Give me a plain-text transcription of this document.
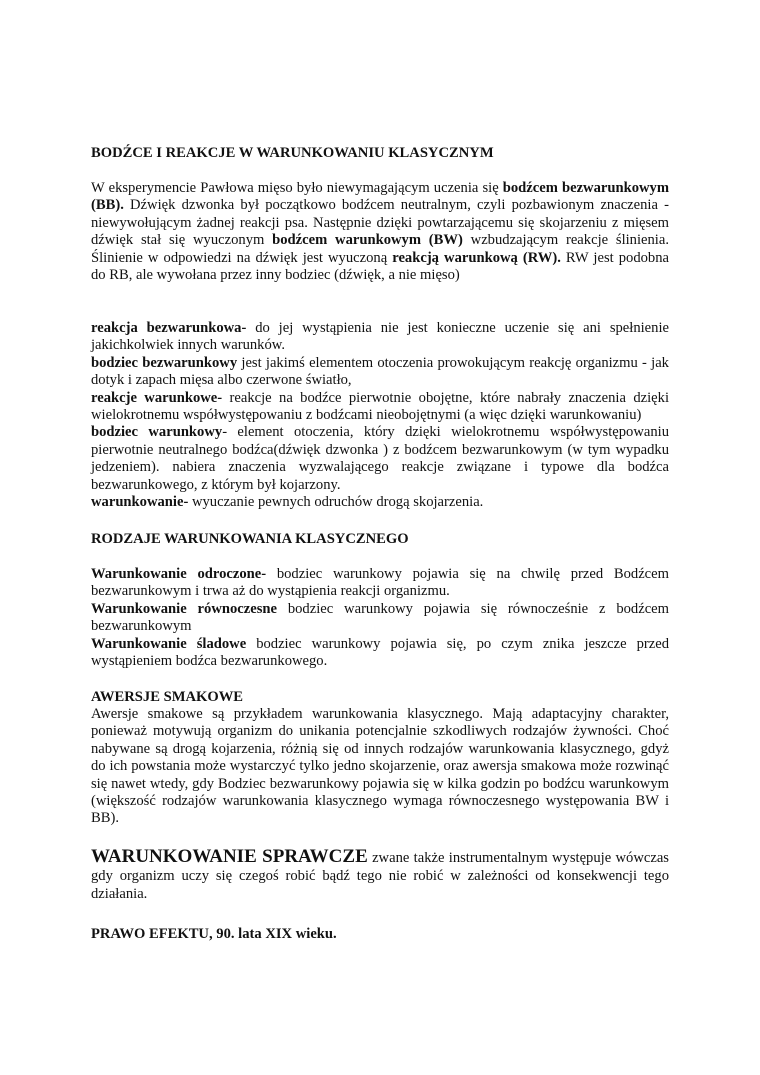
BODŹCE I REAKCJE W WARUNKOWANIU KLASYCZNYM

W eksperymencie Pawłowa mięso było niewymagającym uczenia się bodźcem bezwarunkowym (BB). Dźwięk dzwonka był początkowo bodźcem neutralnym, czyli pozbawionym znaczenia - niewywołującym żadnej reakcji psa. Następnie dzięki powtarzającemu się skojarzeniu z mięsem dźwięk stał się wyuczonym bodźcem warunkowym (BW) wzbudzającym reakcje ślinienia. Ślinienie w odpowiedzi na dźwięk jest wyuczoną reakcją warunkową (RW). RW jest podobna do RB, ale wywołana przez inny bodziec (dźwięk, a nie mięso)

reakcja bezwarunkowa- do jej wystąpienia nie jest konieczne uczenie się ani spełnienie jakichkolwiek innych warunków.

bodziec bezwarunkowy jest jakimś elementem otoczenia prowokującym reakcję organizmu - jak dotyk i zapach mięsa albo czerwone światło,

reakcje warunkowe- reakcje na bodźce pierwotnie obojętne, które nabrały znaczenia dzięki wielokrotnemu współwystępowaniu z bodźcami nieobojętnymi (a więc dzięki warunkowaniu)

bodziec warunkowy- element otoczenia, który dzięki wielokrotnemu współwystępowaniu pierwotnie neutralnego bodźca(dźwięk dzwonka ) z bodźcem bezwarunkowym (w tym wypadku jedzeniem). nabiera znaczenia wyzwalającego reakcje związane i typowe dla bodźca bezwarunkowego, z którym był kojarzony.

warunkowanie- wyuczanie pewnych odruchów drogą skojarzenia.

RODZAJE WARUNKOWANIA KLASYCZNEGO

Warunkowanie odroczone- bodziec warunkowy pojawia się na chwilę przed Bodźcem bezwarunkowym i trwa aż do wystąpienia reakcji organizmu.

Warunkowanie równoczesne bodziec warunkowy pojawia się równocześnie z bodźcem bezwarunkowym

Warunkowanie śladowe bodziec warunkowy pojawia się, po czym znika jeszcze przed wystąpieniem bodźca bezwarunkowego.

AWERSJE SMAKOWE

Awersje smakowe są przykładem warunkowania klasycznego. Mają adaptacyjny charakter, ponieważ motywują organizm do unikania potencjalnie szkodliwych rodzajów żywności. Choć nabywane są drogą kojarzenia, różnią się od innych rodzajów warunkowania klasycznego, gdyż do ich powstania może wystarczyć tylko jedno skojarzenie, oraz awersja smakowa może rozwinąć się nawet wtedy, gdy Bodziec bezwarunkowy pojawia się w kilka godzin po bodźcu warunkowym (większość rodzajów warunkowania klasycznego wymaga równoczesnego występowania BW i BB).

WARUNKOWANIE SPRAWCZE zwane także instrumentalnym występuje wówczas gdy organizm uczy się czegoś robić bądź tego nie robić w zależności od konsekwencji tego działania.

PRAWO EFEKTU, 90. lata XIX wieku.
